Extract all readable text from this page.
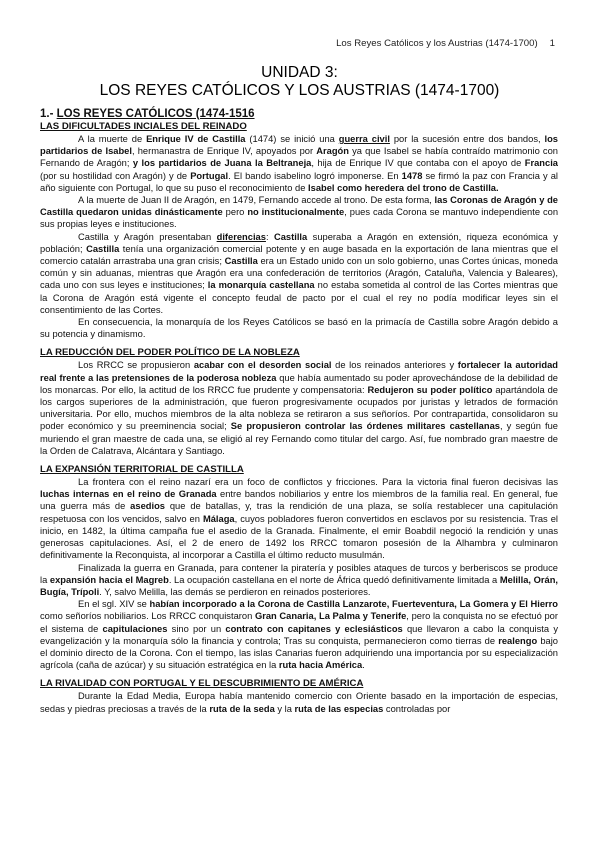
Los Reyes Católicos y los Austrias (1474-1700) 1
UNIDAD 3:
LOS REYES CATÓLICOS Y LOS AUSTRIAS (1474-1700)
1.- LOS REYES CATÓLICOS (1474-1516
LAS DIFICULTADES INCIALES DEL REINADO

A la muerte de Enrique IV de Castilla (1474) se inició una guerra civil por la sucesión entre dos bandos, los partidarios de Isabel, hermanastra de Enrique IV, apoyados por Aragón ya que Isabel se había contraído matrimonio con Fernando de Aragón; y los partidarios de Juana la Beltraneja, hija de Enrique IV que contaba con el apoyo de Francia (por su hostilidad con Aragón) y de Portugal. El bando isabelino logró imponerse. En 1478 se firmó la paz con Francia y al año siguiente con Portugal, lo que su puso el reconocimiento de Isabel como heredera del trono de Castilla.

A la muerte de Juan II de Aragón, en 1479, Fernando accede al trono. De esta forma, las Coronas de Aragón y de Castilla quedaron unidas dinásticamente pero no institucionalmente, pues cada Corona se mantuvo independiente con sus propias leyes e instituciones.

Castilla y Aragón presentaban diferencias: Castilla superaba a Aragón en extensión, riqueza económica y población; Castilla tenía una organización comercial potente y en auge basada en la exportación de lana mientras que el comercio catalán arrastraba una gran crisis; Castilla era un Estado unido con un solo gobierno, unas Cortes únicas, moneda común y sin aduanas, mientras que Aragón era una confederación de territorios (Aragón, Cataluña, Valencia y Baleares), cada uno con sus leyes e instituciones; la monarquía castellana no estaba sometida al control de las Cortes mientras que la Corona de Aragón está vigente el concepto feudal de pacto por el cual el rey no podía modificar leyes sin el consentimiento de las Cortes.

En consecuencia, la monarquía de los Reyes Católicos se basó en la primacía de Castilla sobre Aragón debido a su potencia y dinamismo.

LA REDUCCIÓN DEL PODER POLÍTICO DE LA NOBLEZA

Los RRCC se propusieron acabar con el desorden social de los reinados anteriores y fortalecer la autoridad real frente a las pretensiones de la poderosa nobleza que había aumentado su poder aprovechándose de la debilidad de los monarcas. Por ello, la actitud de los RRCC fue prudente y compensatoria: Redujeron su poder político apartándola de los cargos superiores de la administración, que fueron progresivamente ocupados por juristas y letrados de formación universitaria. Por ello, muchos miembros de la alta nobleza se retiraron a sus señoríos. Por contrapartida, consolidaron su poder económico y su preeminencia social; Se propusieron controlar las órdenes militares castellanas, y según fue muriendo el gran maestre de cada una, se eligió al rey Fernando como titular del cargo. Así, fue nombrado gran maestre de la Orden de Calatrava, Alcántara y Santiago.

LA EXPANSIÓN TERRITORIAL DE CASTILLA

La frontera con el reino nazarí era un foco de conflictos y fricciones. Para la victoria final fueron decisivas las luchas internas en el reino de Granada entre bandos nobiliarios y entre los miembros de la familia real. En general, fue una guerra más de asedios que de batallas, y, tras la rendición de una plaza, se solía restablecer una capitulación respetuosa con los vencidos, salvo en Málaga, cuyos pobladores fueron convertidos en esclavos por su resistencia. Tras el inicio, en 1482, la última campaña fue el asedio de la Granada. Finalmente, el emir Boabdil negoció la rendición y unas generosas capitulaciones. Así, el 2 de enero de 1492 los RRCC tomaron posesión de la Alhambra y culminaron definitivamente la Reconquista, al incorporar a Castilla el último reducto musulmán.

Finalizada la guerra en Granada, para contener la piratería y posibles ataques de turcos y berberiscos se produce la expansión hacia el Magreb. La ocupación castellana en el norte de África quedó definitivamente limitada a Melilla, Orán, Bugía, Trípoli. Y, salvo Melilla, las demás se perdieron en reinados posteriores.

En el sgl. XIV se habían incorporado a la Corona de Castilla Lanzarote, Fuerteventura, La Gomera y El Hierro como señoríos nobiliarios. Los RRCC conquistaron Gran Canaria, La Palma y Tenerife, pero la conquista no se efectuó por el sistema de capitulaciones sino por un contrato con capitanes y eclesiásticos que llevaron a cabo la conquista y evangelización y la monarquía sólo la financia y controla; Tras su conquista, permanecieron como tierras de realengo bajo el dominio directo de la Corona. Con el tiempo, las islas Canarias fueron adquiriendo una importancia por su especialización agrícola (caña de azúcar) y su situación estratégica en la ruta hacia América.

LA RIVALIDAD CON PORTUGAL Y EL DESCUBRIMIENTO DE AMÉRICA

Durante la Edad Media, Europa había mantenido comercio con Oriente basado en la importación de especias, sedas y piedras preciosas a través de la ruta de la seda y la ruta de las especias controladas por
